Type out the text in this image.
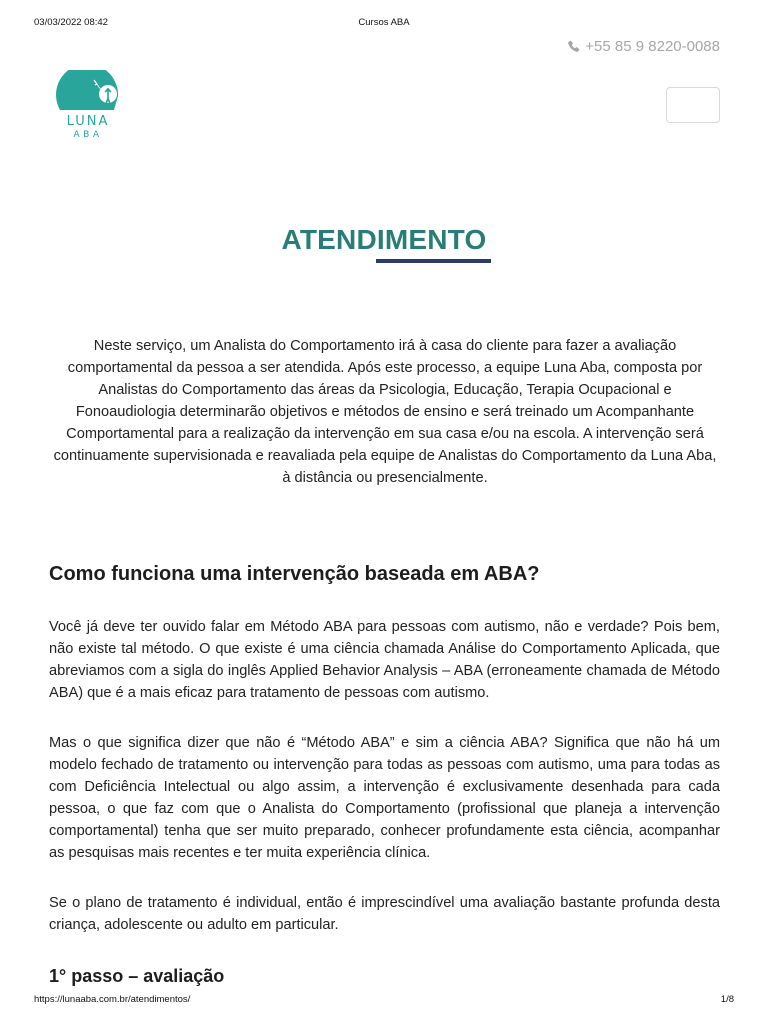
03/03/2022 08:42	Cursos ABA
+55 85 9 8220-0088
LUNA
ABA
ATENDIMENTO

Neste serviço, um Analista do Comportamento irá à casa do cliente para fazer a avaliação comportamental da pessoa a ser atendida. Após este processo, a equipe Luna Aba, composta por Analistas do Comportamento das áreas da Psicologia, Educação, Terapia Ocupacional e Fonoaudiologia determinarão objetivos e métodos de ensino e será treinado um Acompanhante Comportamental para a realização da intervenção em sua casa e/ou na escola. A intervenção será continuamente supervisionada e reavaliada pela equipe de Analistas do Comportamento da Luna Aba, à distância ou presencialmente.

Como funciona uma intervenção baseada em ABA?

Você já deve ter ouvido falar em Método ABA para pessoas com autismo, não e verdade? Pois bem, não existe tal método. O que existe é uma ciência chamada Análise do Comportamento Aplicada, que abreviamos com a sigla do inglês Applied Behavior Analysis – ABA (erroneamente chamada de Método ABA) que é a mais eficaz para tratamento de pessoas com autismo.

Mas o que significa dizer que não é “Método ABA” e sim a ciência ABA? Significa que não há um modelo fechado de tratamento ou intervenção para todas as pessoas com autismo, uma para todas as com Deficiência Intelectual ou algo assim, a intervenção é exclusivamente desenhada para cada pessoa, o que faz com que o Analista do Comportamento (profissional que planeja a intervenção comportamental) tenha que ser muito preparado, conhecer profundamente esta ciência, acompanhar as pesquisas mais recentes e ter muita experiência clínica.

Se o plano de tratamento é individual, então é imprescindível uma avaliação bastante profunda desta criança, adolescente ou adulto em particular.

1° passo – avaliação
https://lunaaba.com.br/atendimentos/	1/8
